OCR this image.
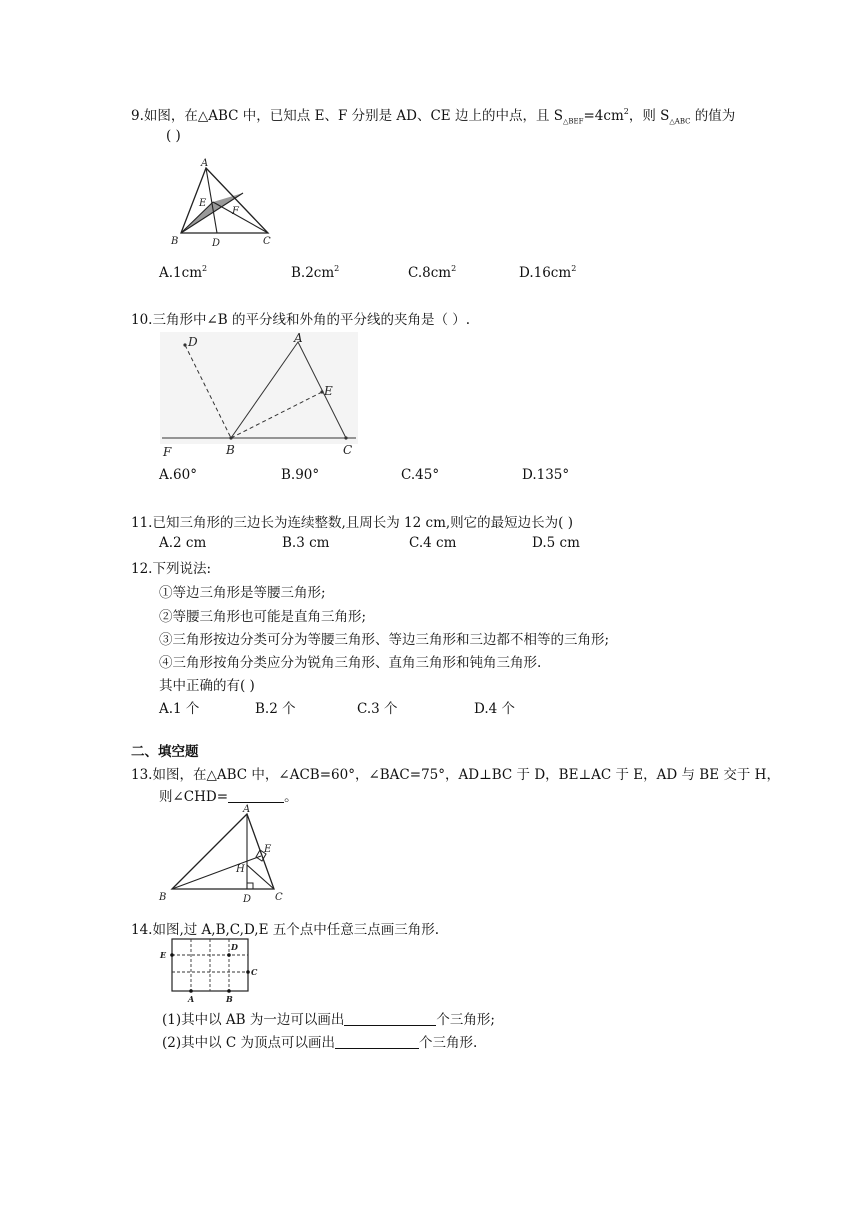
9.如图，在△ABC 中，已知点 E、F 分别是 AD、CE 边上的中点，且 $S_{\triangle BEF}=4cm^2$，则 $S_{\triangle ABC}$ 的值为
( )
A
B	C
D
E
F
$A.1cm^2$	$B.2cm^2$	$C.8cm^2$	$D.16cm^2$
10.三角形中∠B 的平分线和外角的平分线的夹角是（ ）.
D	A
E
F	B	C
A.60°	B.90°	C.45°	D.135°
11.已知三角形的三边长为连续整数,且周长为 12 cm,则它的最短边长为( )
A.2 cm	B.3 cm	C.4 cm	D.5 cm
12.下列说法:
①等边三角形是等腰三角形;
②等腰三角形也可能是直角三角形;
③三角形按边分类可分为等腰三角形、等边三角形和三边都不相等的三角形;
④三角形按角分类应分为锐角三角形、直角三角形和钝角三角形.
其中正确的有( )
A.1 个	B.2 个	C.3 个	D.4 个
二、填空题
13.如图，在△ABC 中，∠ACB=60°，∠BAC=75°，AD⊥BC 于 D，BE⊥AC 于 E，AD 与 BE 交于 H，
则∠CHD=	。
A
B	C
D
E
H
14.如图,过 A,B,C,D,E 五个点中任意三点画三角形.
E
D
C
A	B
(1)其中以 AB 为一边可以画出	个三角形;
(2)其中以 C 为顶点可以画出	个三角形.
